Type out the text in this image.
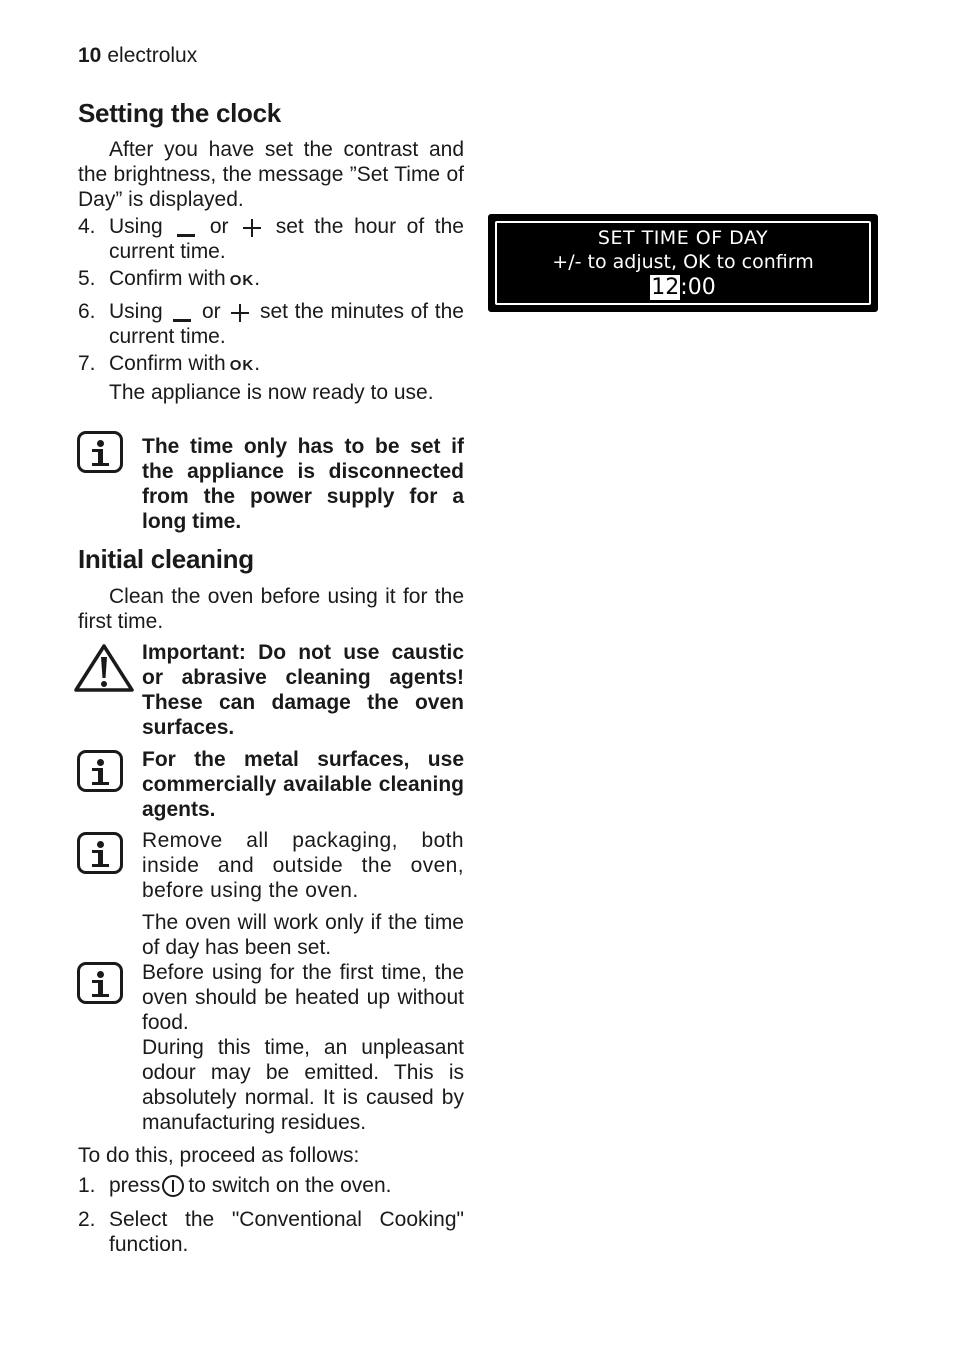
10 electrolux
Setting the clock

After you have set the contrast and the brightness, the message ”Set Time of Day” is displayed.

4. Using or set the hour of the current time.
5. Confirm with OK.
6. Using or set the minutes of the current time.
7. Confirm with OK.
The appliance is now ready to use.
The time only has to be set if the appliance is disconnected from the power supply for a long time.
SET TIME OF DAY
+/- to adjust, OK to confirm
12:00
Initial cleaning

Clean the oven before using it for the first time.

Important: Do not use caustic or abrasive cleaning agents! These can damage the oven surfaces.
For the metal surfaces, use commercially available cleaning agents.
Remove all packaging, both inside and outside the oven, before using the oven.
The oven will work only if the time of day has been set.
Before using for the first time, the oven should be heated up without food.
During this time, an unpleasant odour may be emitted. This is absolutely normal. It is caused by manufacturing residues.
To do this, proceed as follows:
1. press to switch on the oven.
2. Select the "Conventional Cooking" function.
